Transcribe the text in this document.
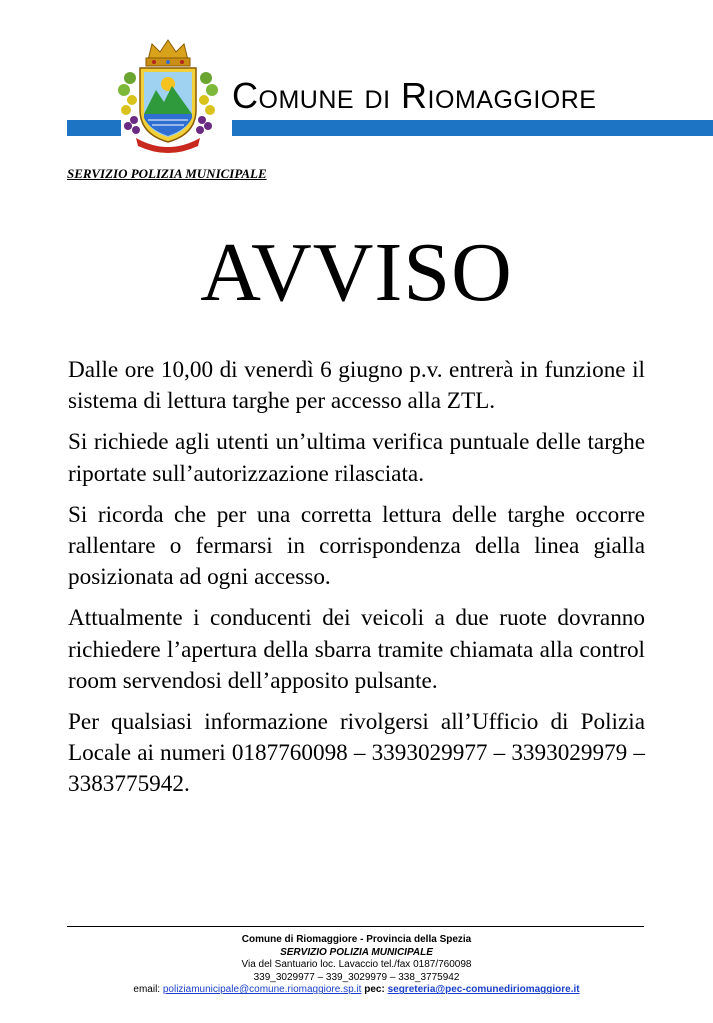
Comune di Riomaggiore
SERVIZIO POLIZIA MUNICIPALE
AVVISO

Dalle ore 10,00 di venerdì 6 giugno p.v. entrerà in funzione il sistema di lettura targhe per accesso alla ZTL.

Si richiede agli utenti un’ultima verifica puntuale delle targhe riportate sull’autorizzazione rilasciata.

Si ricorda che per una corretta lettura delle targhe occorre rallentare o fermarsi in corrispondenza della linea gialla posizionata ad ogni accesso.

Attualmente i conducenti dei veicoli a due ruote dovranno richiedere l’apertura della sbarra tramite chiamata alla control room servendosi dell’apposito pulsante.

Per qualsiasi informazione rivolgersi all’Ufficio di Polizia Locale ai numeri 0187760098 – 3393029977 – 3393029979 – 3383775942.

Comune di Riomaggiore - Provincia della Spezia
SERVIZIO POLIZIA MUNICIPALE
Via del Santuario loc. Lavaccio tel./fax 0187/760098
339_3029977 – 339_3029979 – 338_3775942
email: poliziamunicipale@comune.riomaggiore.sp.it pec: segreteria@pec-comunediriomaggiore.it
